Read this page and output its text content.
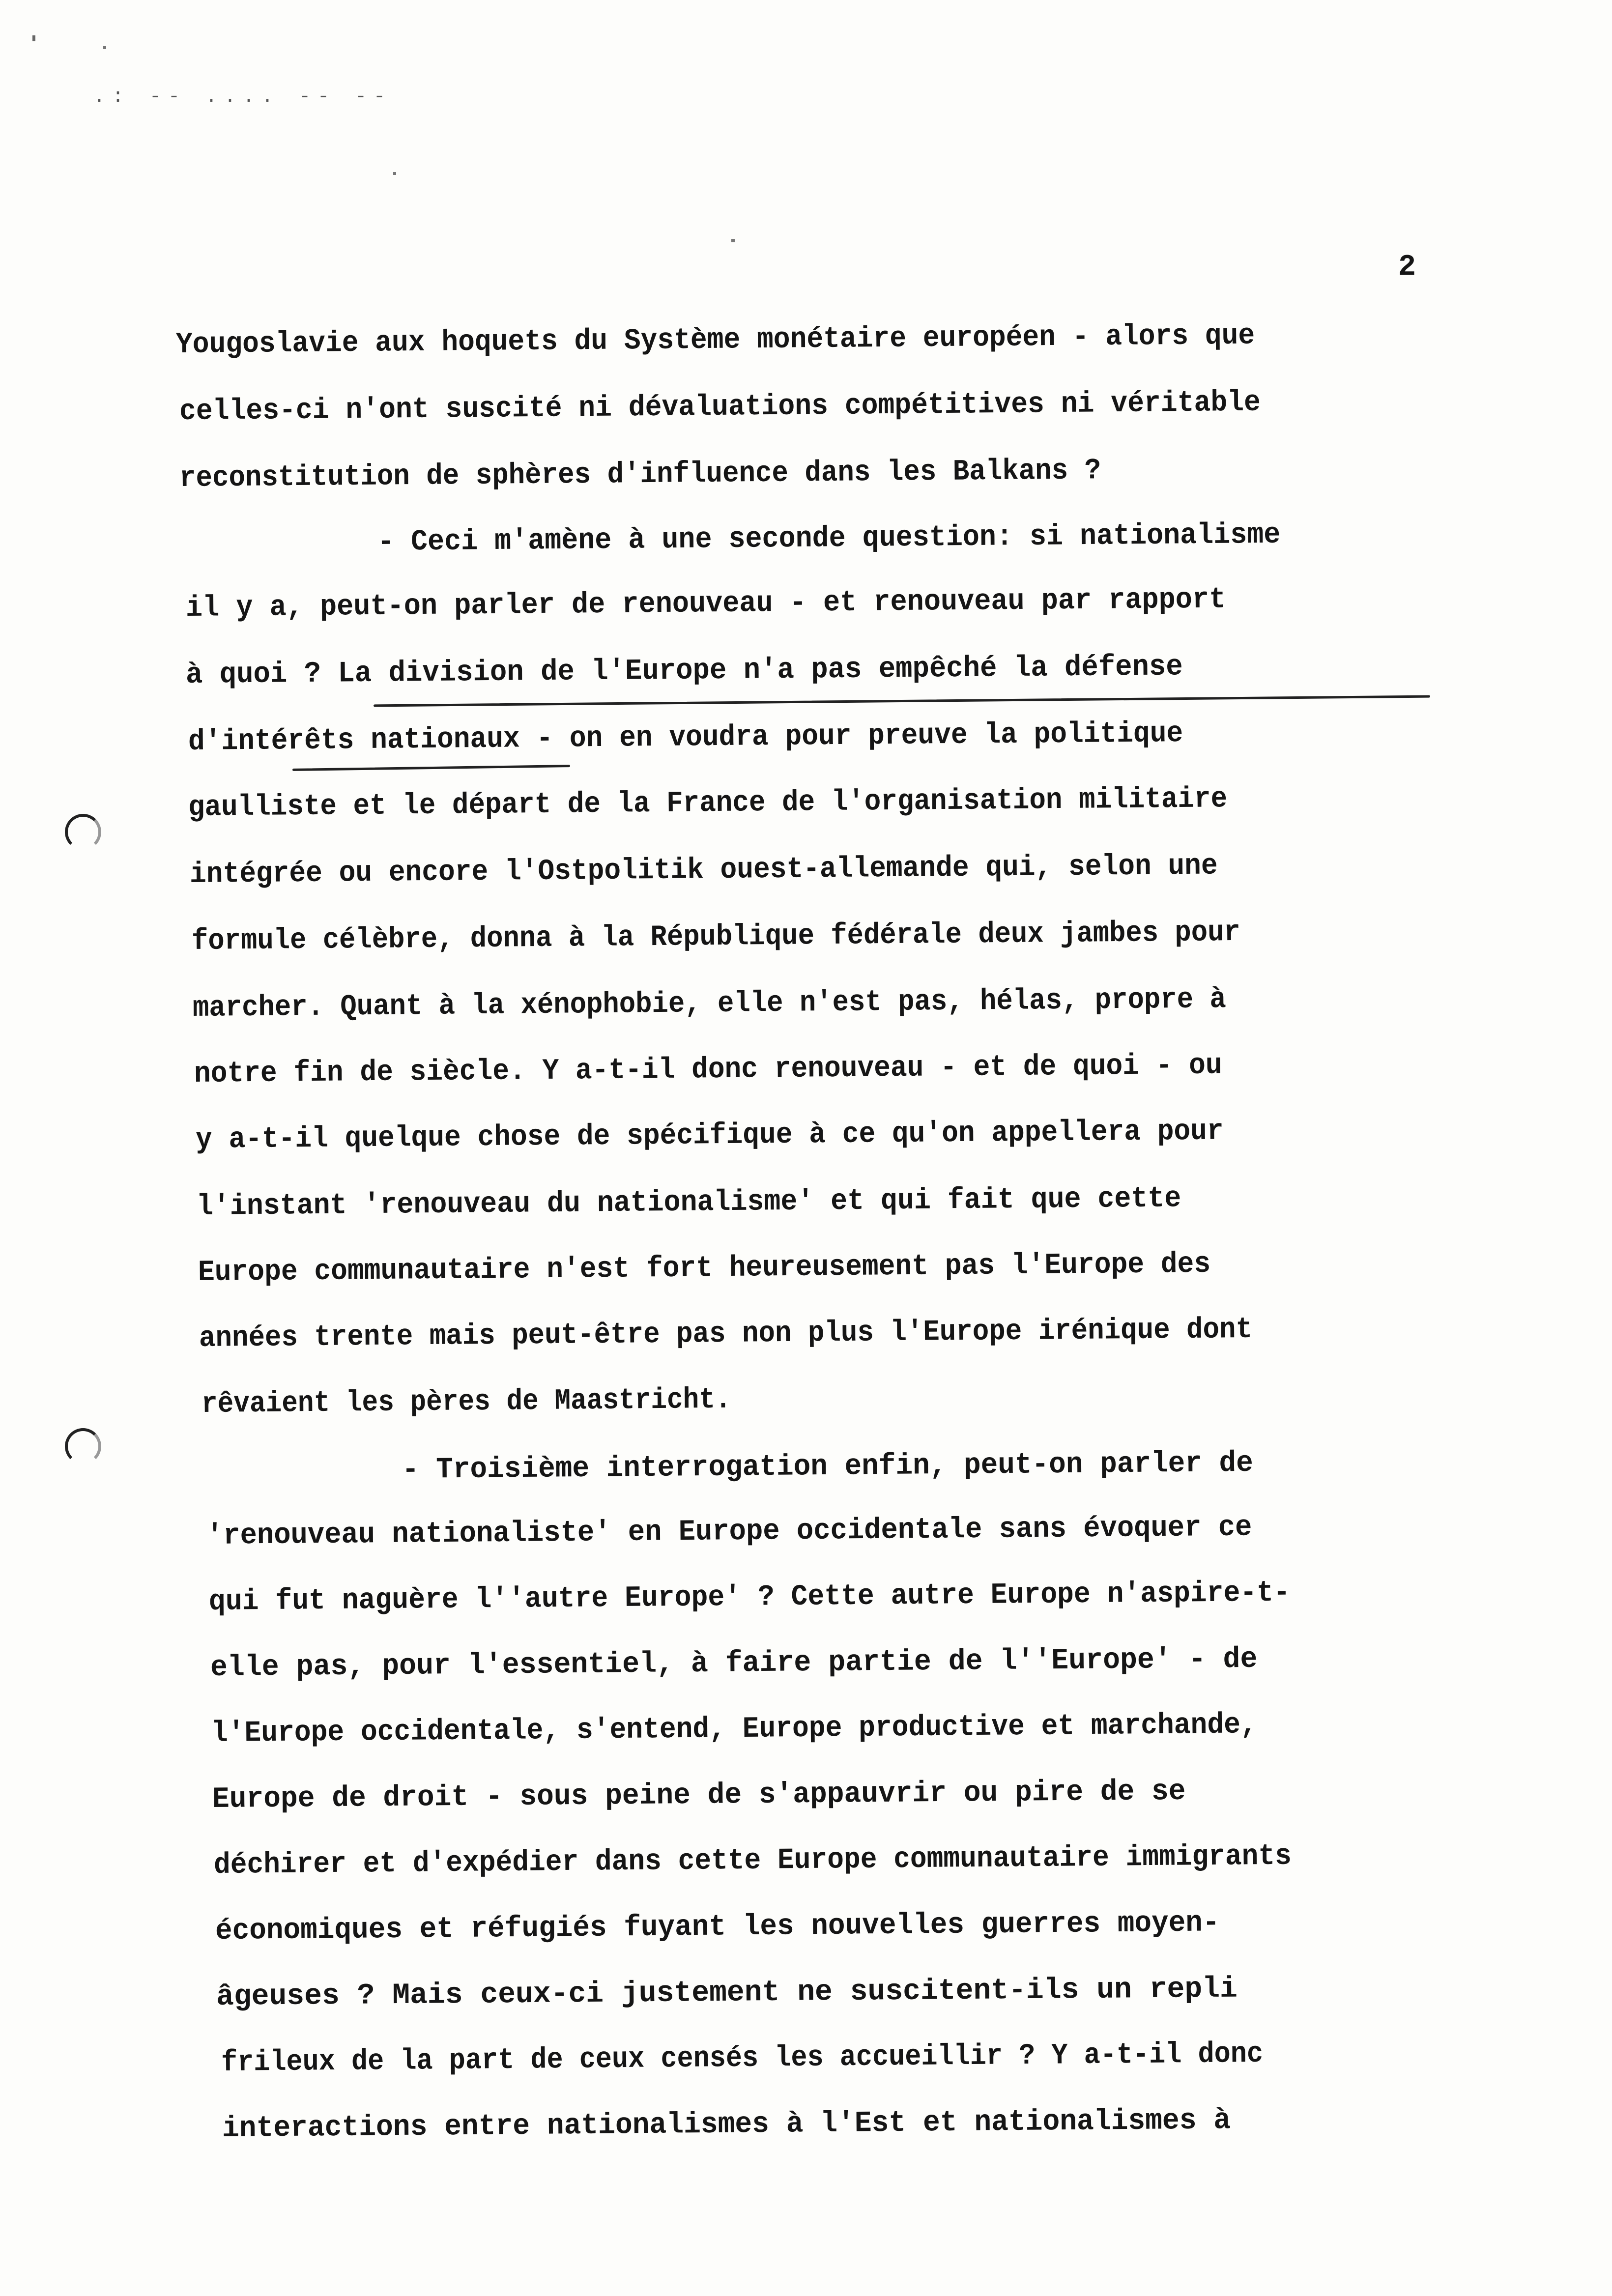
.: -- .... -- --
2
Yougoslavie aux hoquets du Système monétaire européen - alors que
celles-ci n'ont suscité ni dévaluations compétitives ni véritable
reconstitution de sphères d'influence dans les Balkans ?
- Ceci m'amène à une seconde question: si nationalisme
il y a, peut-on parler de renouveau - et renouveau par rapport
à quoi ? La division de l'Europe n'a pas empêché la défense
d'intérêts nationaux - on en voudra pour preuve la politique
gaulliste et le départ de la France de l'organisation militaire
intégrée ou encore l'Ostpolitik ouest-allemande qui, selon une
formule célèbre, donna à la République fédérale deux jambes pour
marcher. Quant à la xénophobie, elle n'est pas, hélas, propre à
notre fin de siècle. Y a-t-il donc renouveau - et de quoi - ou
y a-t-il quelque chose de spécifique à ce qu'on appellera pour
l'instant 'renouveau du nationalisme' et qui fait que cette
Europe communautaire n'est fort heureusement pas l'Europe des
années trente mais peut-être pas non plus l'Europe irénique dont
rêvaient les pères de Maastricht.
- Troisième interrogation enfin, peut-on parler de
'renouveau nationaliste' en Europe occidentale sans évoquer ce
qui fut naguère l''autre Europe' ? Cette autre Europe n'aspire-t-
elle pas, pour l'essentiel, à faire partie de l''Europe' - de
l'Europe occidentale, s'entend, Europe productive et marchande,
Europe de droit - sous peine de s'appauvrir ou pire de se
déchirer et d'expédier dans cette Europe communautaire immigrants
économiques et réfugiés fuyant les nouvelles guerres moyen-
âgeuses ? Mais ceux-ci justement ne suscitent-ils un repli
frileux de la part de ceux censés les accueillir ? Y a-t-il donc
interactions entre nationalismes à l'Est et nationalismes à
